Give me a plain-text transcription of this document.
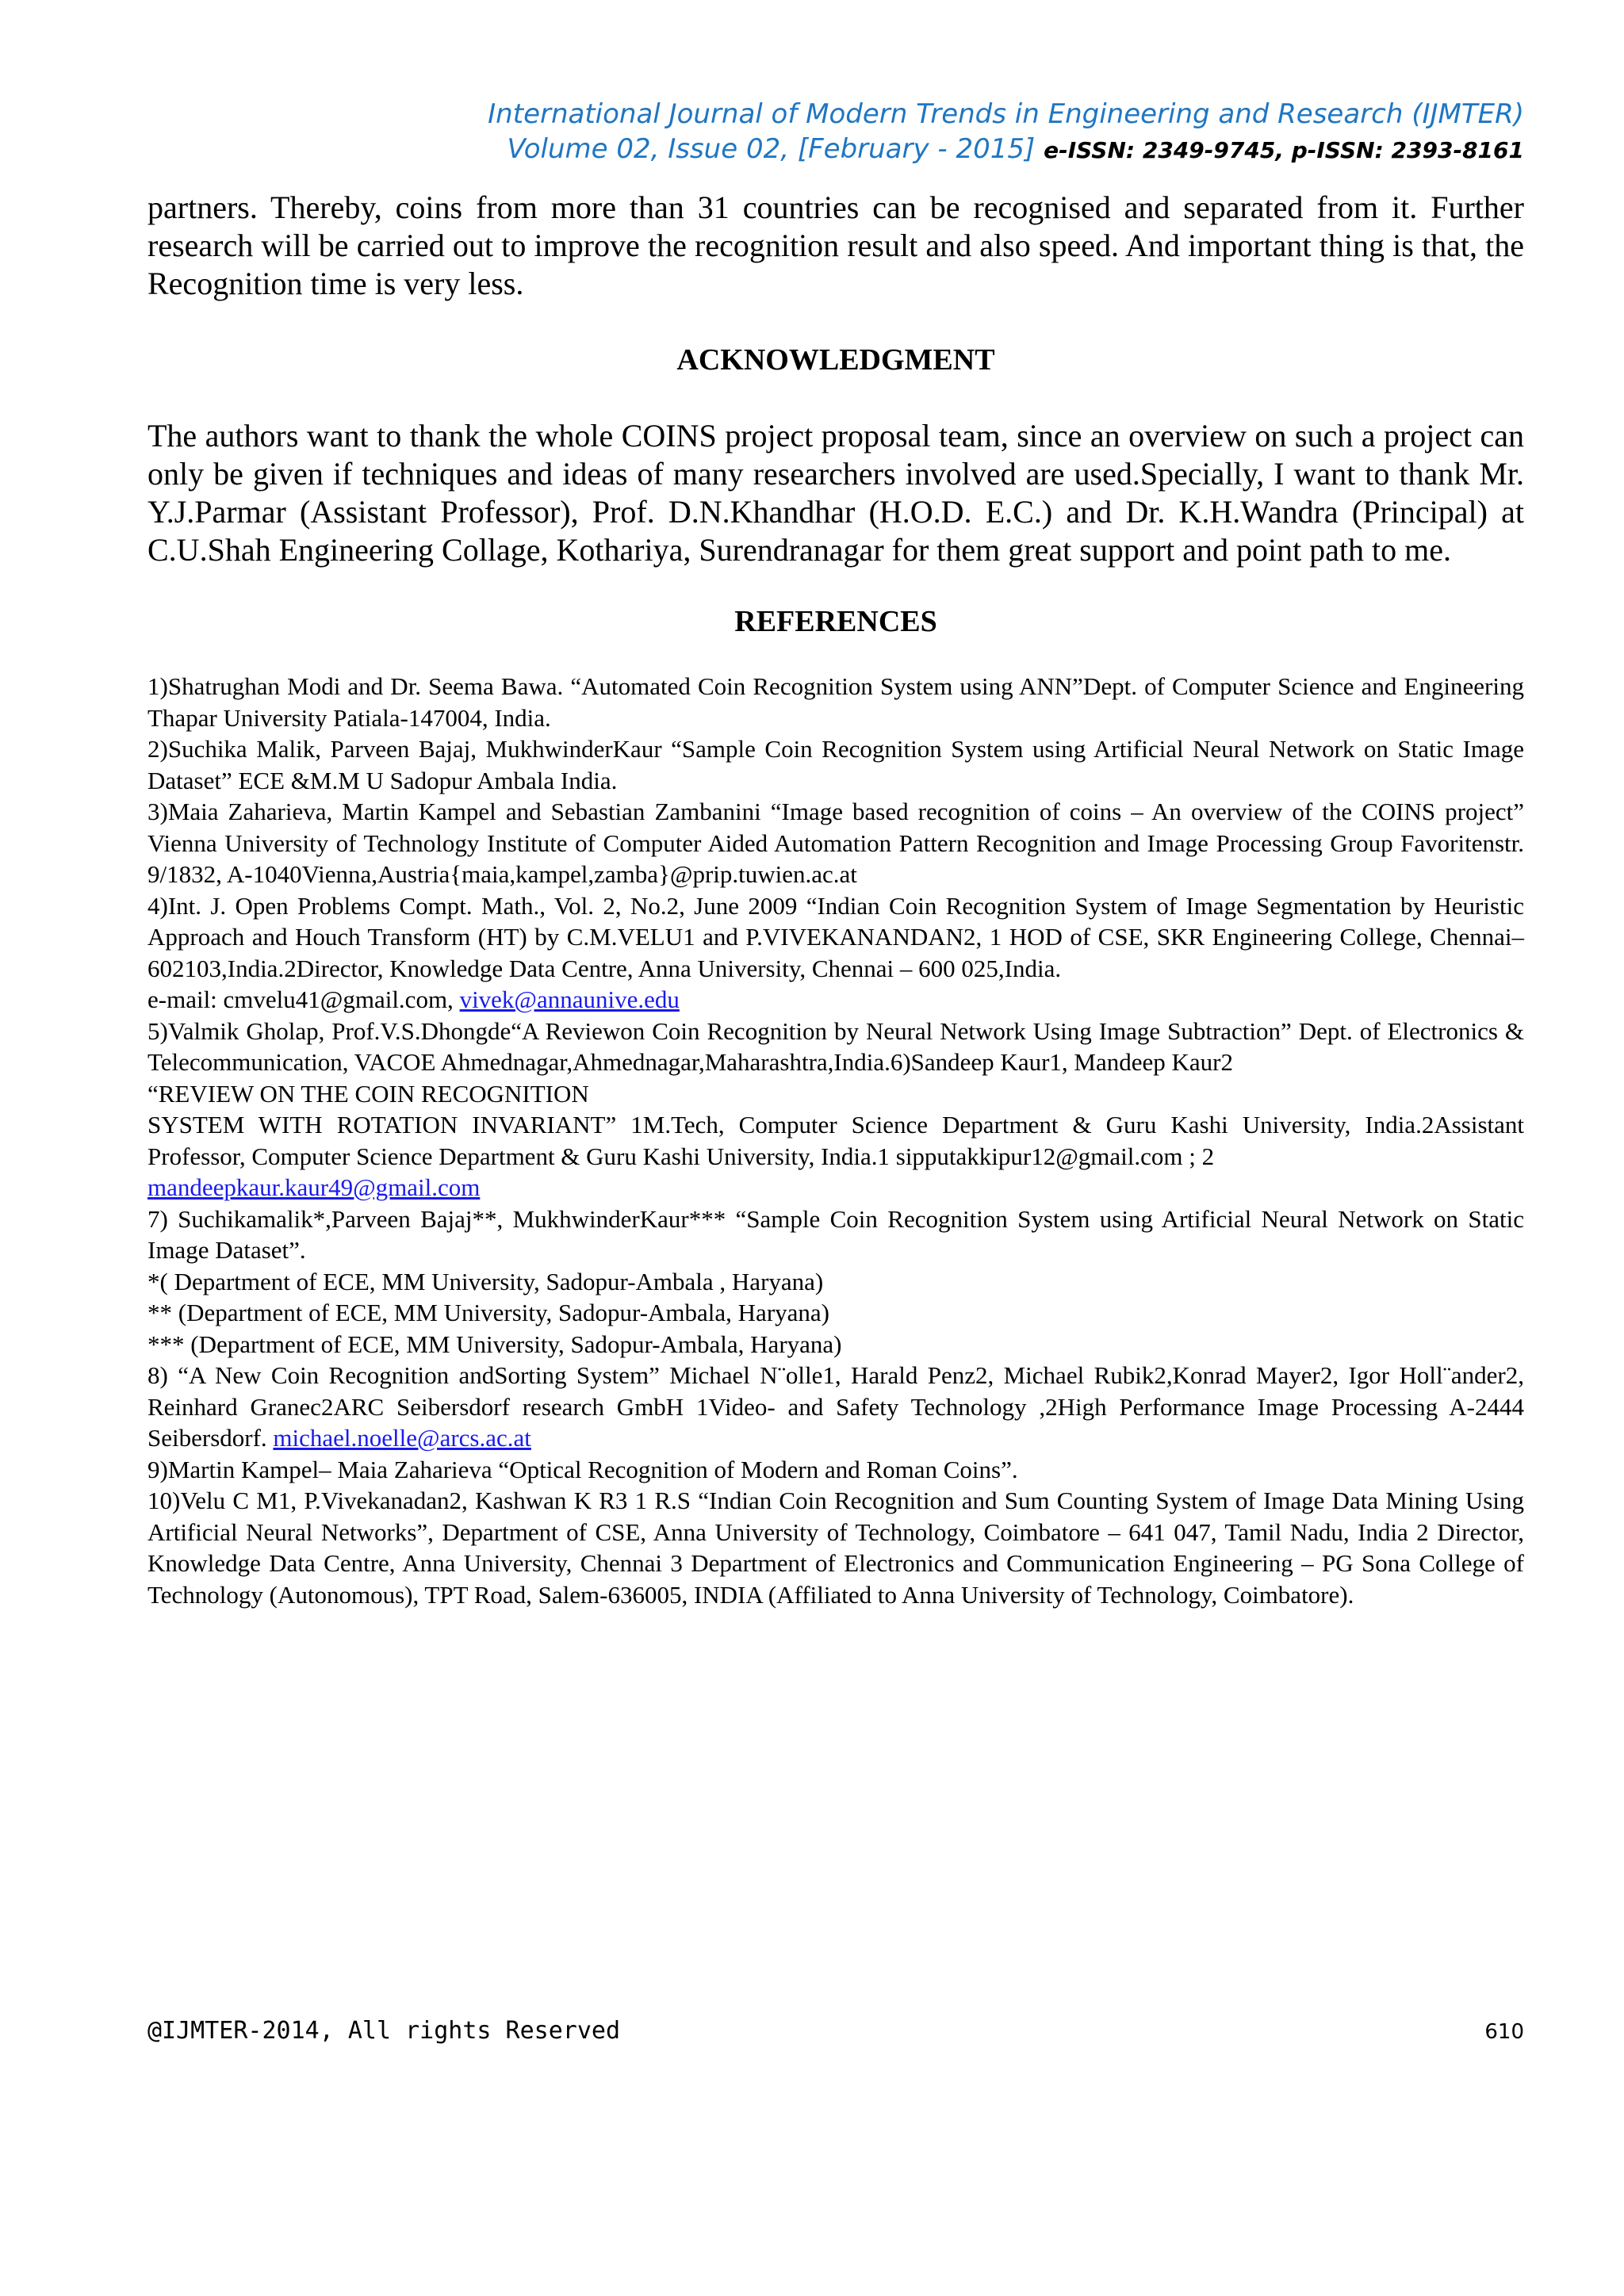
International Journal of Modern Trends in Engineering and Research (IJMTER)
Volume 02, Issue 02, [February - 2015] e-ISSN: 2349-9745, p-ISSN: 2393-8161

partners. Thereby, coins from more than 31 countries can be recognised and separated from it. Further research will be carried out to improve the recognition result and also speed. And important thing is that, the Recognition time is very less.

ACKNOWLEDGMENT

The authors want to thank the whole COINS project proposal team, since an overview on such a project can only be given if techniques and ideas of many researchers involved are used.Specially, I want to thank Mr. Y.J.Parmar (Assistant Professor), Prof. D.N.Khandhar (H.O.D. E.C.) and Dr. K.H.Wandra (Principal) at C.U.Shah Engineering Collage, Kothariya, Surendranagar for them great support and point path to me.

REFERENCES
1)Shatrughan Modi and Dr. Seema Bawa. “Automated Coin Recognition System using ANN”Dept. of Computer Science and Engineering Thapar University Patiala-147004, India.
2)Suchika Malik, Parveen Bajaj, MukhwinderKaur “Sample Coin Recognition System using Artificial Neural Network on Static Image Dataset” ECE &M.M U Sadopur Ambala India.
3)Maia Zaharieva, Martin Kampel and Sebastian Zambanini “Image based recognition of coins – An overview of the COINS project” Vienna University of Technology Institute of Computer Aided Automation Pattern Recognition and Image Processing Group Favoritenstr. 9/1832, A-1040Vienna,Austria{maia,kampel,zamba}@prip.tuwien.ac.at
4)Int. J. Open Problems Compt. Math., Vol. 2, No.2, June 2009 “Indian Coin Recognition System of Image Segmentation by Heuristic Approach and Houch Transform (HT) by C.M.VELU1 and P.VIVEKANANDAN2, 1 HOD of CSE, SKR Engineering College, Chennai–602103,India.2Director, Knowledge Data Centre, Anna University, Chennai – 600 025,India.
e-mail: cmvelu41@gmail.com, vivek@annaunive.edu
5)Valmik Gholap, Prof.V.S.Dhongde“A Reviewon Coin Recognition by Neural Network Using Image Subtraction” Dept. of Electronics & Telecommunication, VACOE Ahmednagar,Ahmednagar,Maharashtra,India.6)Sandeep Kaur1, Mandeep Kaur2
“REVIEW ON THE COIN RECOGNITION
SYSTEM WITH ROTATION INVARIANT” 1M.Tech, Computer Science Department & Guru Kashi University, India.2Assistant Professor, Computer Science Department & Guru Kashi University, India.1 sipputakkipur12@gmail.com ; 2
mandeepkaur.kaur49@gmail.com
7) Suchikamalik*,Parveen Bajaj**, MukhwinderKaur*** “Sample Coin Recognition System using Artificial Neural Network on Static Image Dataset”.
*( Department of ECE, MM University, Sadopur-Ambala , Haryana)
** (Department of ECE, MM University, Sadopur-Ambala, Haryana)
*** (Department of ECE, MM University, Sadopur-Ambala, Haryana)
8) “A New Coin Recognition andSorting System” Michael N¨olle1, Harald Penz2, Michael Rubik2,Konrad Mayer2, Igor Holl¨ander2, Reinhard Granec2ARC Seibersdorf research GmbH 1Video- and Safety Technology ,2High Performance Image Processing A-2444 Seibersdorf. michael.noelle@arcs.ac.at
9)Martin Kampel– Maia Zaharieva “Optical Recognition of Modern and Roman Coins”.
10)Velu C M1, P.Vivekanadan2, Kashwan K R3 1 R.S “Indian Coin Recognition and Sum Counting System of Image Data Mining Using Artificial Neural Networks”, Department of CSE, Anna University of Technology, Coimbatore – 641 047, Tamil Nadu, India 2 Director, Knowledge Data Centre, Anna University, Chennai 3 Department of Electronics and Communication Engineering – PG Sona College of Technology (Autonomous), TPT Road, Salem-636005, INDIA (Affiliated to Anna University of Technology, Coimbatore).
@IJMTER-2014, All rights Reserved	610
